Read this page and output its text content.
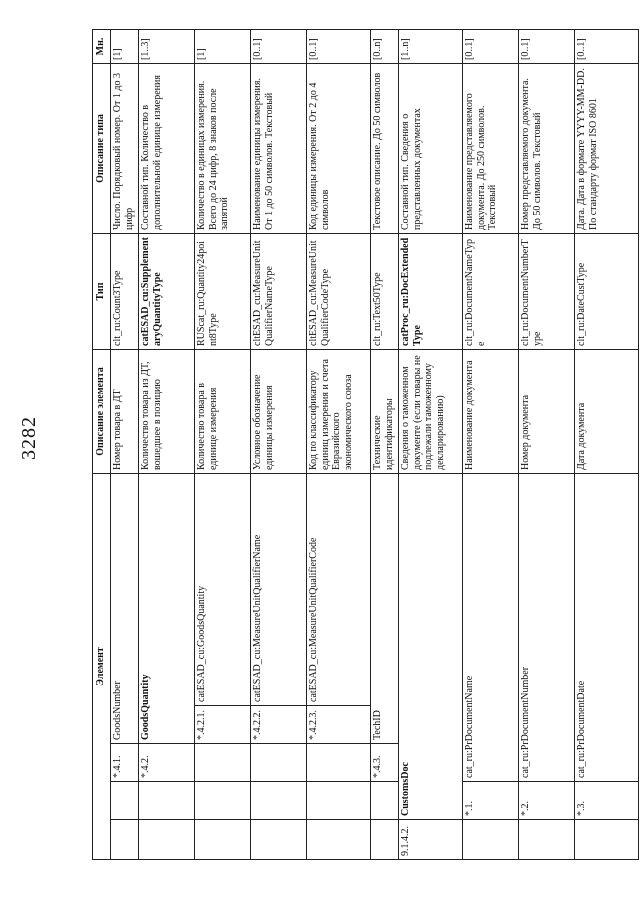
3282
Элемент					Описание элемента	Тип	Описание типа	Мн.
		*.4.1.	GoodsNumber		Номер товара в ДТ	clt_ru:Count3Type	Число. Порядковый номер. От 1 до 3 цифр	[1]
		*.4.2.	GoodsQuantity		Количество товара из ДТ, вошедшее в позицию	catESAD_cu:SupplementaryQuantityType	Составной тип. Количество в дополнительной единице измерения	[1..3]
			*.4.2.1.	catESAD_cu:GoodsQuantity	Количество товара в единице измерения	RUScat_ru:Quantity24point8Type	Количество в единицах измерения. Всего до 24 цифр, 8 знаков после запятой	[1]
			*.4.2.2.	catESAD_cu:MeasureUnitQualifierName	Условное обозначение единицы измерения	cltESAD_cu:MeasureUnitQualifierNameType	Наименование единицы измерения. От 1 до 50 символов. Текстовый	[0..1]
			*.4.2.3.	catESAD_cu:MeasureUnitQualifierCode	Код по классификатору единиц измерения и счета Евразийского экономического союза	cltESAD_cu:MeasureUnitQualifierCodeType	Код единицы измерения. От 2 до 4 символов	[0..1]
		*.4.3.	TechID		Технические идентификаторы	clt_ru:Text50Type	Текстовое описание. До 50 символов	[0..n]
9.1.4.2.	CustomsDoc				Сведения о таможенном документе (если товары не подлежали таможенному декларированию)	catProc_ru:DocExtendedType	Составной тип. Сведения о представленных документах	[1..n]
	*.1.	cat_ru:PrDocumentName			Наименование документа	clt_ru:DocumentNameType	Наименование представляемого документа. До 250 символов. Текстовый	[0..1]
	*.2.	cat_ru:PrDocumentNumber			Номер документа	clt_ru:DocumentNumberType	Номер представляемого документа. До 50 символов. Текстовый	[0..1]
	*.3.	cat_ru:PrDocumentDate			Дата документа	clt_ru:DateCustType	Дата. Дата в формате YYYY-MM-DD. По стандарту формат ISO 8601	[0..1]
